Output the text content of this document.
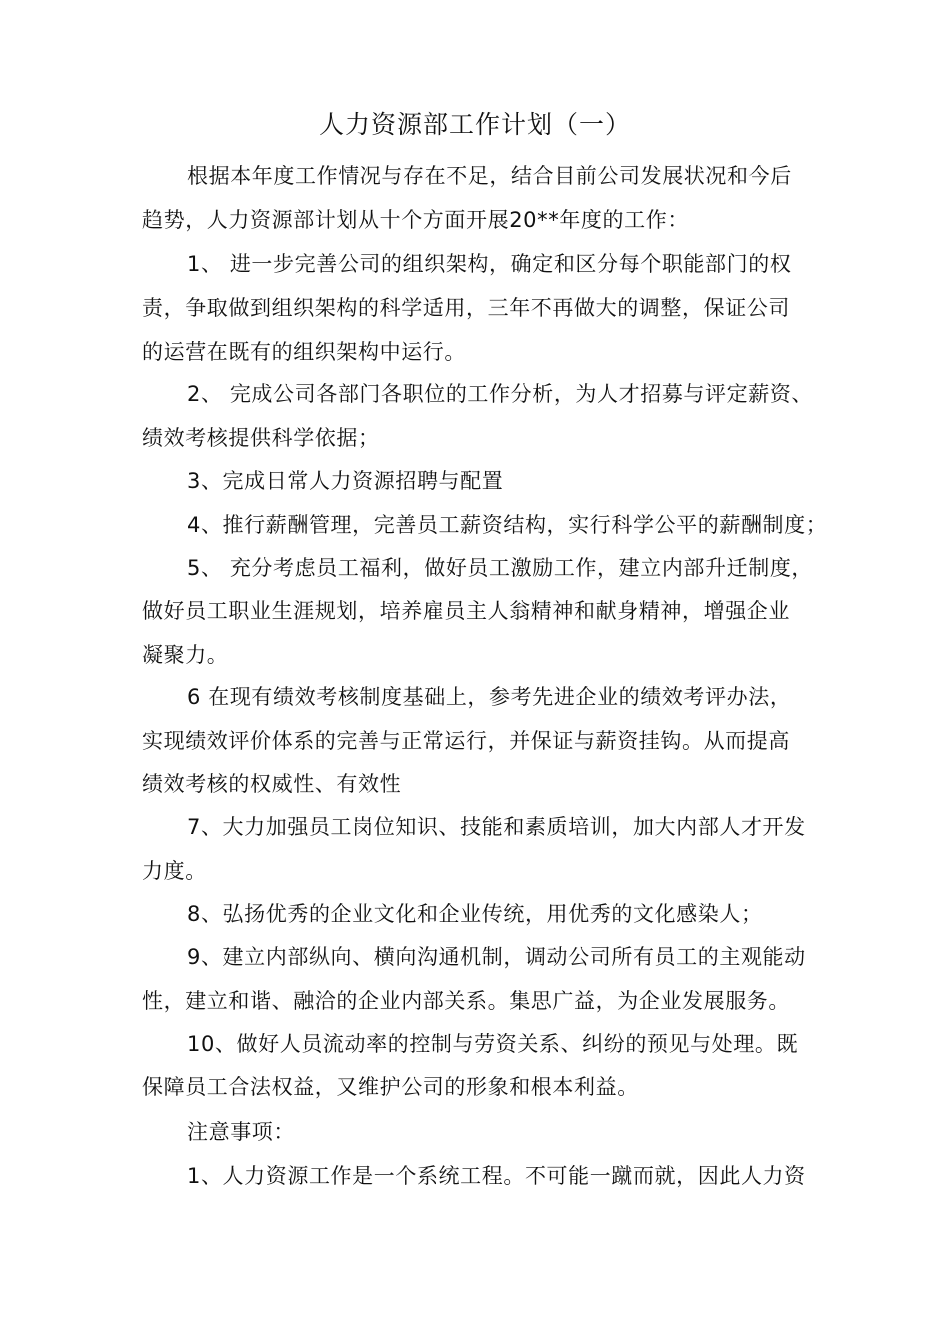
人力资源部工作计划（一）
根据本年度工作情况与存在不足，结合目前公司发展状况和今后
趋势，人力资源部计划从十个方面开展20**年度的工作：
1、 进一步完善公司的组织架构，确定和区分每个职能部门的权
责，争取做到组织架构的科学适用，三年不再做大的调整，保证公司
的运营在既有的组织架构中运行。
2、 完成公司各部门各职位的工作分析，为人才招募与评定薪资、
绩效考核提供科学依据；
3、完成日常人力资源招聘与配置
4、推行薪酬管理，完善员工薪资结构，实行科学公平的薪酬制度；
5、 充分考虑员工福利，做好员工激励工作，建立内部升迁制度，
做好员工职业生涯规划，培养雇员主人翁精神和献身精神，增强企业
凝聚力。
6 在现有绩效考核制度基础上，参考先进企业的绩效考评办法，
实现绩效评价体系的完善与正常运行，并保证与薪资挂钩。从而提高
绩效考核的权威性、有效性
7、大力加强员工岗位知识、技能和素质培训，加大内部人才开发
力度。
8、弘扬优秀的企业文化和企业传统，用优秀的文化感染人；
9、建立内部纵向、横向沟通机制，调动公司所有员工的主观能动
性，建立和谐、融洽的企业内部关系。集思广益，为企业发展服务。
10、做好人员流动率的控制与劳资关系、纠纷的预见与处理。既
保障员工合法权益，又维护公司的形象和根本利益。
注意事项：
1、人力资源工作是一个系统工程。不可能一蹴而就，因此人力资
